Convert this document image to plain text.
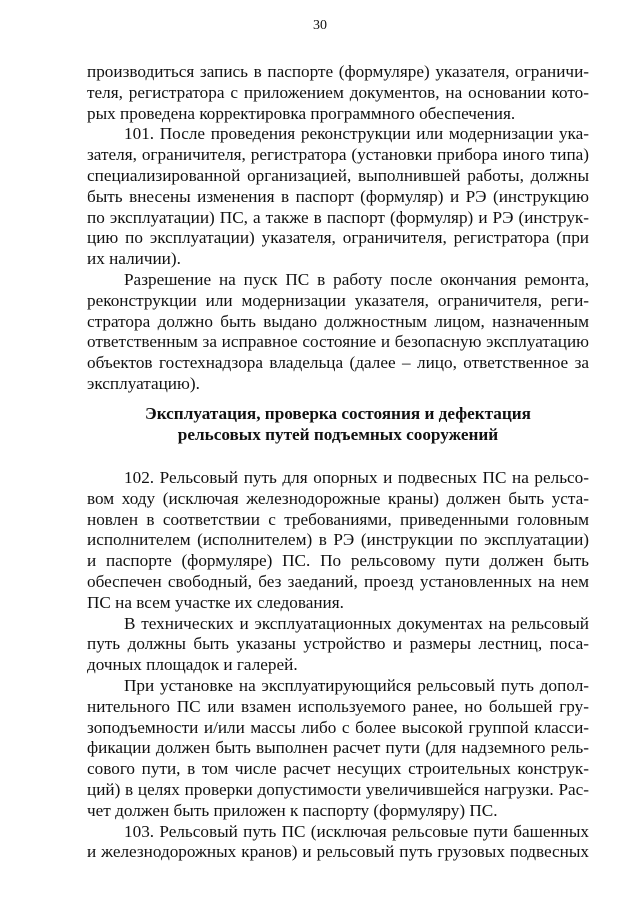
30
производиться запись в паспорте (формуляре) указателя, ограничи-
теля, регистратора с приложением документов, на основании кото-
рых проведена корректировка программного обеспечения.
101. После проведения реконструкции или модернизации ука-
зателя, ограничителя, регистратора (установки прибора иного типа)
специализированной организацией, выполнившей работы, должны
быть внесены изменения в паспорт (формуляр) и РЭ (инструкцию
по эксплуатации) ПС, а также в паспорт (формуляр) и РЭ (инструк-
цию по эксплуатации) указателя, ограничителя, регистратора (при
их наличии).
Разрешение на пуск ПС в работу после окончания ремонта,
реконструкции или модернизации указателя, ограничителя, реги-
стратора должно быть выдано должностным лицом, назначенным
ответственным за исправное состояние и безопасную эксплуатацию
объектов гостехнадзора владельца (далее – лицо, ответственное за
эксплуатацию).
Эксплуатация, проверка состояния и дефектация
рельсовых путей подъемных сооружений
102. Рельсовый путь для опорных и подвесных ПС на рельсо-
вом ходу (исключая железнодорожные краны) должен быть уста-
новлен в соответствии с требованиями, приведенными головным
исполнителем (исполнителем) в РЭ (инструкции по эксплуатации)
и паспорте (формуляре) ПС. По рельсовому пути должен быть
обеспечен свободный, без заеданий, проезд установленных на нем
ПС на всем участке их следования.
В технических и эксплуатационных документах на рельсовый
путь должны быть указаны устройство и размеры лестниц, поса-
дочных площадок и галерей.
При установке на эксплуатирующийся рельсовый путь допол-
нительного ПС или взамен используемого ранее, но большей гру-
зоподъемности и/или массы либо с более высокой группой класси-
фикации должен быть выполнен расчет пути (для надземного рель-
сового пути, в том числе расчет несущих строительных конструк-
ций) в целях проверки допустимости увеличившейся нагрузки. Рас-
чет должен быть приложен к паспорту (формуляру) ПС.
103. Рельсовый путь ПС (исключая рельсовые пути башенных
и железнодорожных кранов) и рельсовый путь грузовых подвесных
